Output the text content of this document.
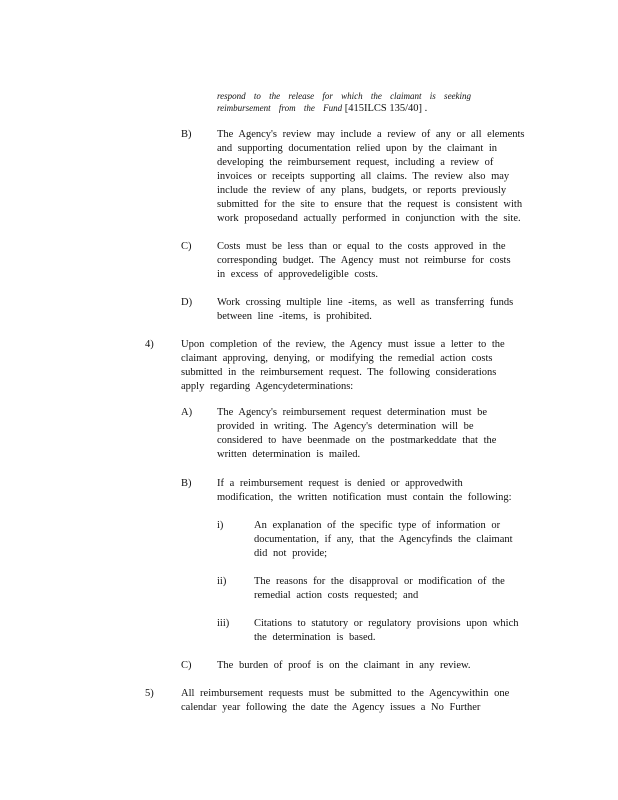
respond to the release for which the claimant is seeking
reimbursement from the Fund [415ILCS 135/40] .
B) The Agency's review may include a review of any or all elements
and supporting documentation relied upon by the claimant in
developing the reimbursement request, including a review of
invoices or receipts supporting all claims. The review also may
include the review of any plans, budgets, or reports previously
submitted for the site to ensure that the request is consistent with
work proposedand actually performed in conjunction with the site.
C) Costs must be less than or equal to the costs approved in the
corresponding budget. The Agency must not reimburse for costs
in excess of approvedeligible costs.
D) Work crossing multiple line -items, as well as transferring funds
between line -items, is prohibited.
4)	Upon completion of the review, the Agency must issue a letter to the
claimant approving, denying, or modifying the remedial action costs
submitted in the reimbursement request. The following considerations
apply regarding Agencydeterminations:
A) The Agency's reimbursement request determination must be
provided in writing. The Agency's determination will be
considered to have beenmade on the postmarkeddate that the
written determination is mailed.
B) If a reimbursement request is denied or approvedwith
modification, the written notification must contain the following:
i)	An explanation of the specific type of information or
documentation, if any, that the Agencyfinds the claimant
did not provide;
ii)	The reasons for the disapproval or modification of the
remedial action costs requested; and
iii) Citations to statutory or regulatory provisions upon which
the determination is based.
C) The burden of proof is on the claimant in any review.
5)	All reimbursement requests must be submitted to the Agencywithin one
calendar year following the date the Agency issues a No Further
